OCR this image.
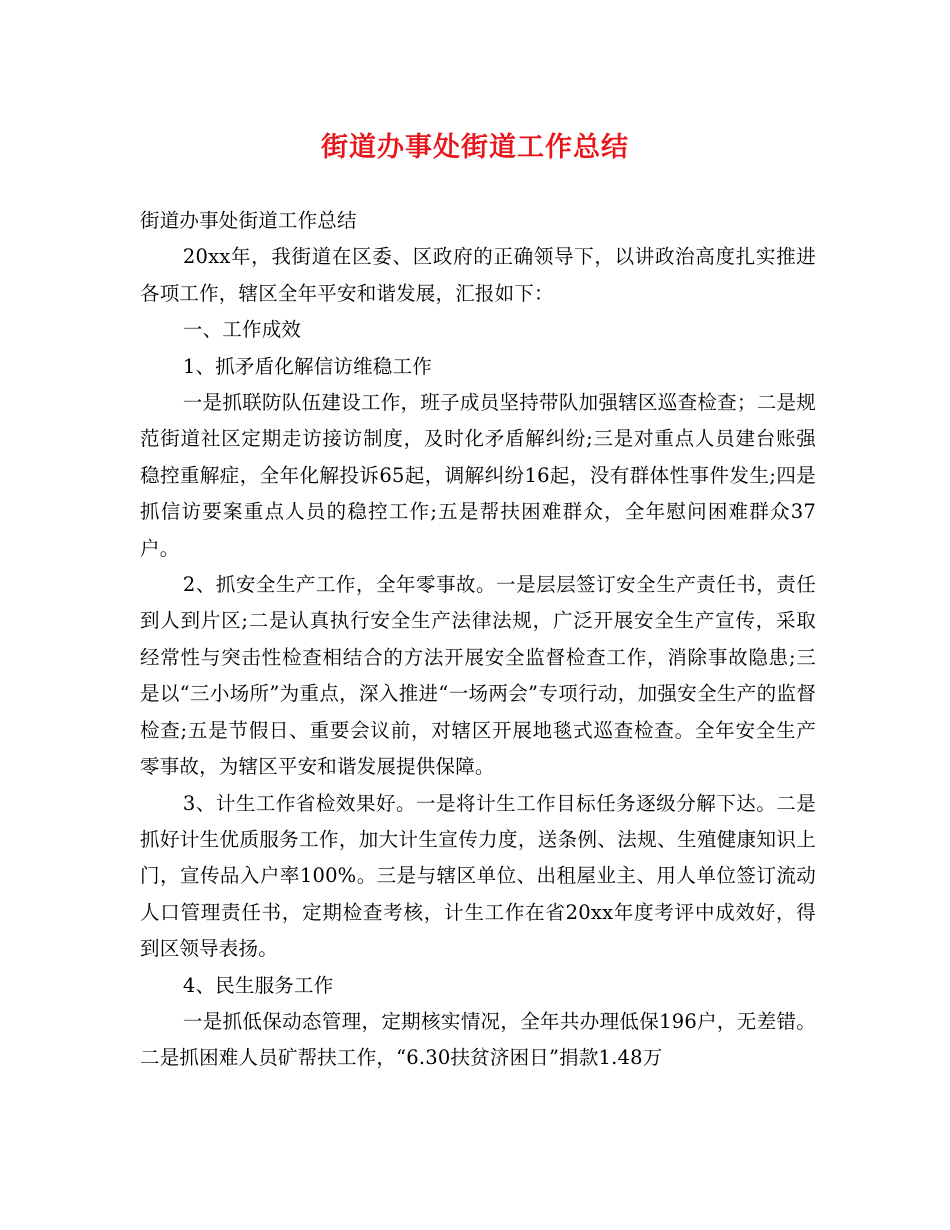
街道办事处街道工作总结

街道办事处街道工作总结

20xx年，我街道在区委、区政府的正确领导下，以讲政治高度扎实推进各项工作，辖区全年平安和谐发展，汇报如下：

一、工作成效

1、抓矛盾化解信访维稳工作

一是抓联防队伍建设工作，班子成员坚持带队加强辖区巡查检查；二是规范街道社区定期走访接访制度，及时化矛盾解纠纷;三是对重点人员建台账强稳控重解症，全年化解投诉65起，调解纠纷16起，没有群体性事件发生;四是抓信访要案重点人员的稳控工作;五是帮扶困难群众，全年慰问困难群众37户。

2、抓安全生产工作，全年零事故。一是层层签订安全生产责任书，责任到人到片区;二是认真执行安全生产法律法规，广泛开展安全生产宣传，采取经常性与突击性检查相结合的方法开展安全监督检查工作，消除事故隐患;三是以“三小场所”为重点，深入推进“一场两会”专项行动，加强安全生产的监督检查;五是节假日、重要会议前，对辖区开展地毯式巡查检查。全年安全生产零事故，为辖区平安和谐发展提供保障。

3、计生工作省检效果好。一是将计生工作目标任务逐级分解下达。二是抓好计生优质服务工作，加大计生宣传力度，送条例、法规、生殖健康知识上门，宣传品入户率100%。三是与辖区单位、出租屋业主、用人单位签订流动人口管理责任书，定期检查考核，计生工作在省20xx年度考评中成效好，得到区领导表扬。

4、民生服务工作

一是抓低保动态管理，定期核实情况，全年共办理低保196户，无差错。二是抓困难人员矿帮扶工作，“6.30扶贫济困日”捐款1.48万
